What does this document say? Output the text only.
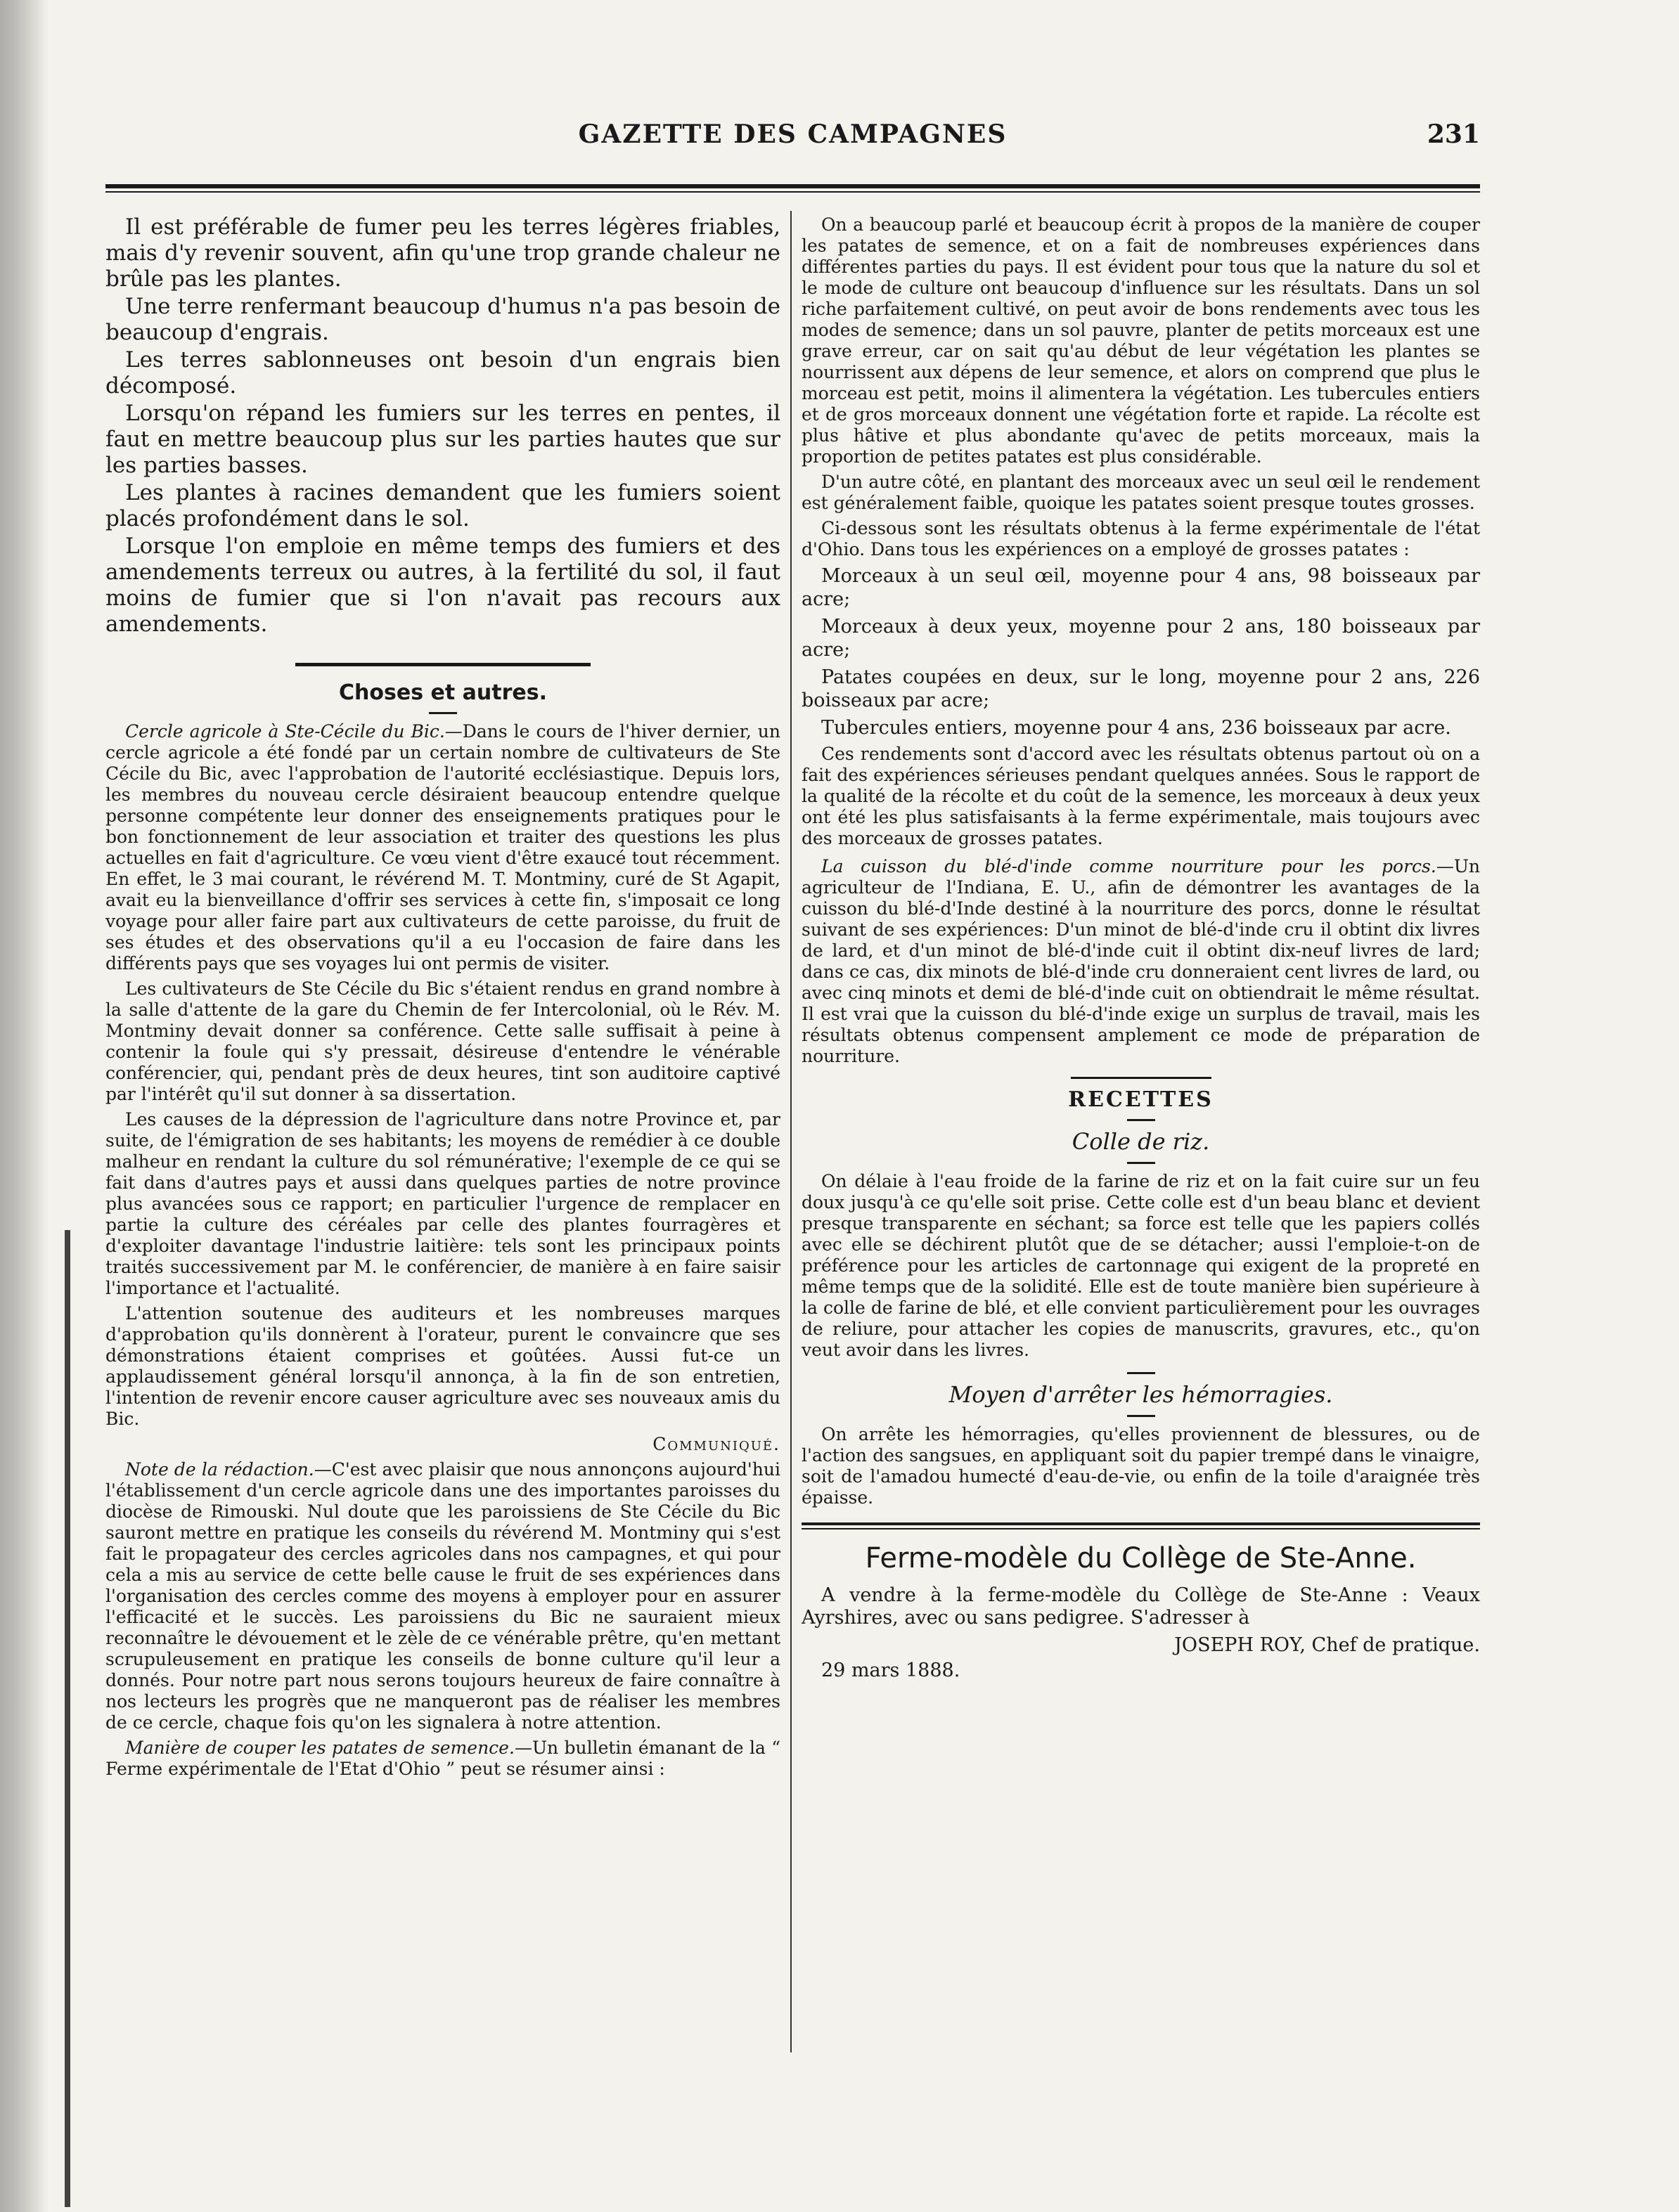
GAZETTE DES CAMPAGNES	231

Il est préférable de fumer peu les terres légères friables, mais d'y revenir souvent, afin qu'une trop grande chaleur ne brûle pas les plantes.

Une terre renfermant beaucoup d'humus n'a pas besoin de beaucoup d'engrais.

Les terres sablonneuses ont besoin d'un engrais bien décomposé.

Lorsqu'on répand les fumiers sur les terres en pentes, il faut en mettre beaucoup plus sur les parties hautes que sur les parties basses.

Les plantes à racines demandent que les fumiers soient placés profondément dans le sol.

Lorsque l'on emploie en même temps des fumiers et des amendements terreux ou autres, à la fertilité du sol, il faut moins de fumier que si l'on n'avait pas recours aux amendements.

Choses et autres.

Cercle agricole à Ste-Cécile du Bic.—Dans le cours de l'hiver dernier, un cercle agricole a été fondé par un certain nombre de cultivateurs de Ste Cécile du Bic, avec l'approbation de l'autorité ecclésiastique. Depuis lors, les membres du nouveau cercle désiraient beaucoup entendre quelque personne compétente leur donner des enseignements pratiques pour le bon fonctionnement de leur association et traiter des questions les plus actuelles en fait d'agriculture. Ce vœu vient d'être exaucé tout récemment. En effet, le 3 mai courant, le révérend M. T. Montminy, curé de St Agapit, avait eu la bienveillance d'offrir ses services à cette fin, s'imposait ce long voyage pour aller faire part aux cultivateurs de cette paroisse, du fruit de ses études et des observations qu'il a eu l'occasion de faire dans les différents pays que ses voyages lui ont permis de visiter.

Les cultivateurs de Ste Cécile du Bic s'étaient rendus en grand nombre à la salle d'attente de la gare du Chemin de fer Intercolonial, où le Rév. M. Montminy devait donner sa conférence. Cette salle suffisait à peine à contenir la foule qui s'y pressait, désireuse d'entendre le vénérable conférencier, qui, pendant près de deux heures, tint son auditoire captivé par l'intérêt qu'il sut donner à sa dissertation.

Les causes de la dépression de l'agriculture dans notre Province et, par suite, de l'émigration de ses habitants; les moyens de remédier à ce double malheur en rendant la culture du sol rémunérative; l'exemple de ce qui se fait dans d'autres pays et aussi dans quelques parties de notre province plus avancées sous ce rapport; en particulier l'urgence de remplacer en partie la culture des céréales par celle des plantes fourragères et d'exploiter davantage l'industrie laitière: tels sont les principaux points traités successivement par M. le conférencier, de manière à en faire saisir l'importance et l'actualité.

L'attention soutenue des auditeurs et les nombreuses marques d'approbation qu'ils donnèrent à l'orateur, purent le convaincre que ses démonstrations étaient comprises et goûtées. Aussi fut-ce un applaudissement général lorsqu'il annonça, à la fin de son entretien, l'intention de revenir encore causer agriculture avec ses nouveaux amis du Bic.

Communiqué.

Note de la rédaction.—C'est avec plaisir que nous annonçons aujourd'hui l'établissement d'un cercle agricole dans une des importantes paroisses du diocèse de Rimouski. Nul doute que les paroissiens de Ste Cécile du Bic sauront mettre en pratique les conseils du révérend M. Montminy qui s'est fait le propagateur des cercles agricoles dans nos campagnes, et qui pour cela a mis au service de cette belle cause le fruit de ses expériences dans l'organisation des cercles comme des moyens à employer pour en assurer l'efficacité et le succès. Les paroissiens du Bic ne sauraient mieux reconnaître le dévouement et le zèle de ce vénérable prêtre, qu'en mettant scrupuleusement en pratique les conseils de bonne culture qu'il leur a donnés. Pour notre part nous serons toujours heureux de faire connaître à nos lecteurs les progrès que ne manqueront pas de réaliser les membres de ce cercle, chaque fois qu'on les signalera à notre attention.

Manière de couper les patates de semence.—Un bulletin émanant de la “ Ferme expérimentale de l'Etat d'Ohio ” peut se résumer ainsi :

On a beaucoup parlé et beaucoup écrit à propos de la manière de couper les patates de semence, et on a fait de nombreuses expériences dans différentes parties du pays. Il est évident pour tous que la nature du sol et le mode de culture ont beaucoup d'influence sur les résultats. Dans un sol riche parfaitement cultivé, on peut avoir de bons rendements avec tous les modes de semence; dans un sol pauvre, planter de petits morceaux est une grave erreur, car on sait qu'au début de leur végétation les plantes se nourrissent aux dépens de leur semence, et alors on comprend que plus le morceau est petit, moins il alimentera la végétation. Les tubercules entiers et de gros morceaux donnent une végétation forte et rapide. La récolte est plus hâtive et plus abondante qu'avec de petits morceaux, mais la proportion de petites patates est plus considérable.

D'un autre côté, en plantant des morceaux avec un seul œil le rendement est généralement faible, quoique les patates soient presque toutes grosses.

Ci-dessous sont les résultats obtenus à la ferme expérimentale de l'état d'Ohio. Dans tous les expériences on a employé de grosses patates :

Morceaux à un seul œil, moyenne pour 4 ans, 98 boisseaux par acre;

Morceaux à deux yeux, moyenne pour 2 ans, 180 boisseaux par acre;

Patates coupées en deux, sur le long, moyenne pour 2 ans, 226 boisseaux par acre;

Tubercules entiers, moyenne pour 4 ans, 236 boisseaux par acre.

Ces rendements sont d'accord avec les résultats obtenus partout où on a fait des expériences sérieuses pendant quelques années. Sous le rapport de la qualité de la récolte et du coût de la semence, les morceaux à deux yeux ont été les plus satisfaisants à la ferme expérimentale, mais toujours avec des morceaux de grosses patates.

La cuisson du blé-d'inde comme nourriture pour les porcs.—Un agriculteur de l'Indiana, E. U., afin de démontrer les avantages de la cuisson du blé-d'Inde destiné à la nourriture des porcs, donne le résultat suivant de ses expériences: D'un minot de blé-d'inde cru il obtint dix livres de lard, et d'un minot de blé-d'inde cuit il obtint dix-neuf livres de lard; dans ce cas, dix minots de blé-d'inde cru donneraient cent livres de lard, ou avec cinq minots et demi de blé-d'inde cuit on obtiendrait le même résultat. Il est vrai que la cuisson du blé-d'inde exige un surplus de travail, mais les résultats obtenus compensent amplement ce mode de préparation de nourriture.

RECETTES
Colle de riz.

On délaie à l'eau froide de la farine de riz et on la fait cuire sur un feu doux jusqu'à ce qu'elle soit prise. Cette colle est d'un beau blanc et devient presque transparente en séchant; sa force est telle que les papiers collés avec elle se déchirent plutôt que de se détacher; aussi l'emploie-t-on de préférence pour les articles de cartonnage qui exigent de la propreté en même temps que de la solidité. Elle est de toute manière bien supérieure à la colle de farine de blé, et elle convient particulièrement pour les ouvrages de reliure, pour attacher les copies de manuscrits, gravures, etc., qu'on veut avoir dans les livres.

Moyen d'arrêter les hémorragies.

On arrête les hémorragies, qu'elles proviennent de blessures, ou de l'action des sangsues, en appliquant soit du papier trempé dans le vinaigre, soit de l'amadou humecté d'eau-de-vie, ou enfin de la toile d'araignée très épaisse.

Ferme-modèle du Collège de Ste-Anne.

A vendre à la ferme-modèle du Collège de Ste-Anne : Veaux Ayrshires, avec ou sans pedigree. S'adresser à

JOSEPH ROY, Chef de pratique.

29 mars 1888.
